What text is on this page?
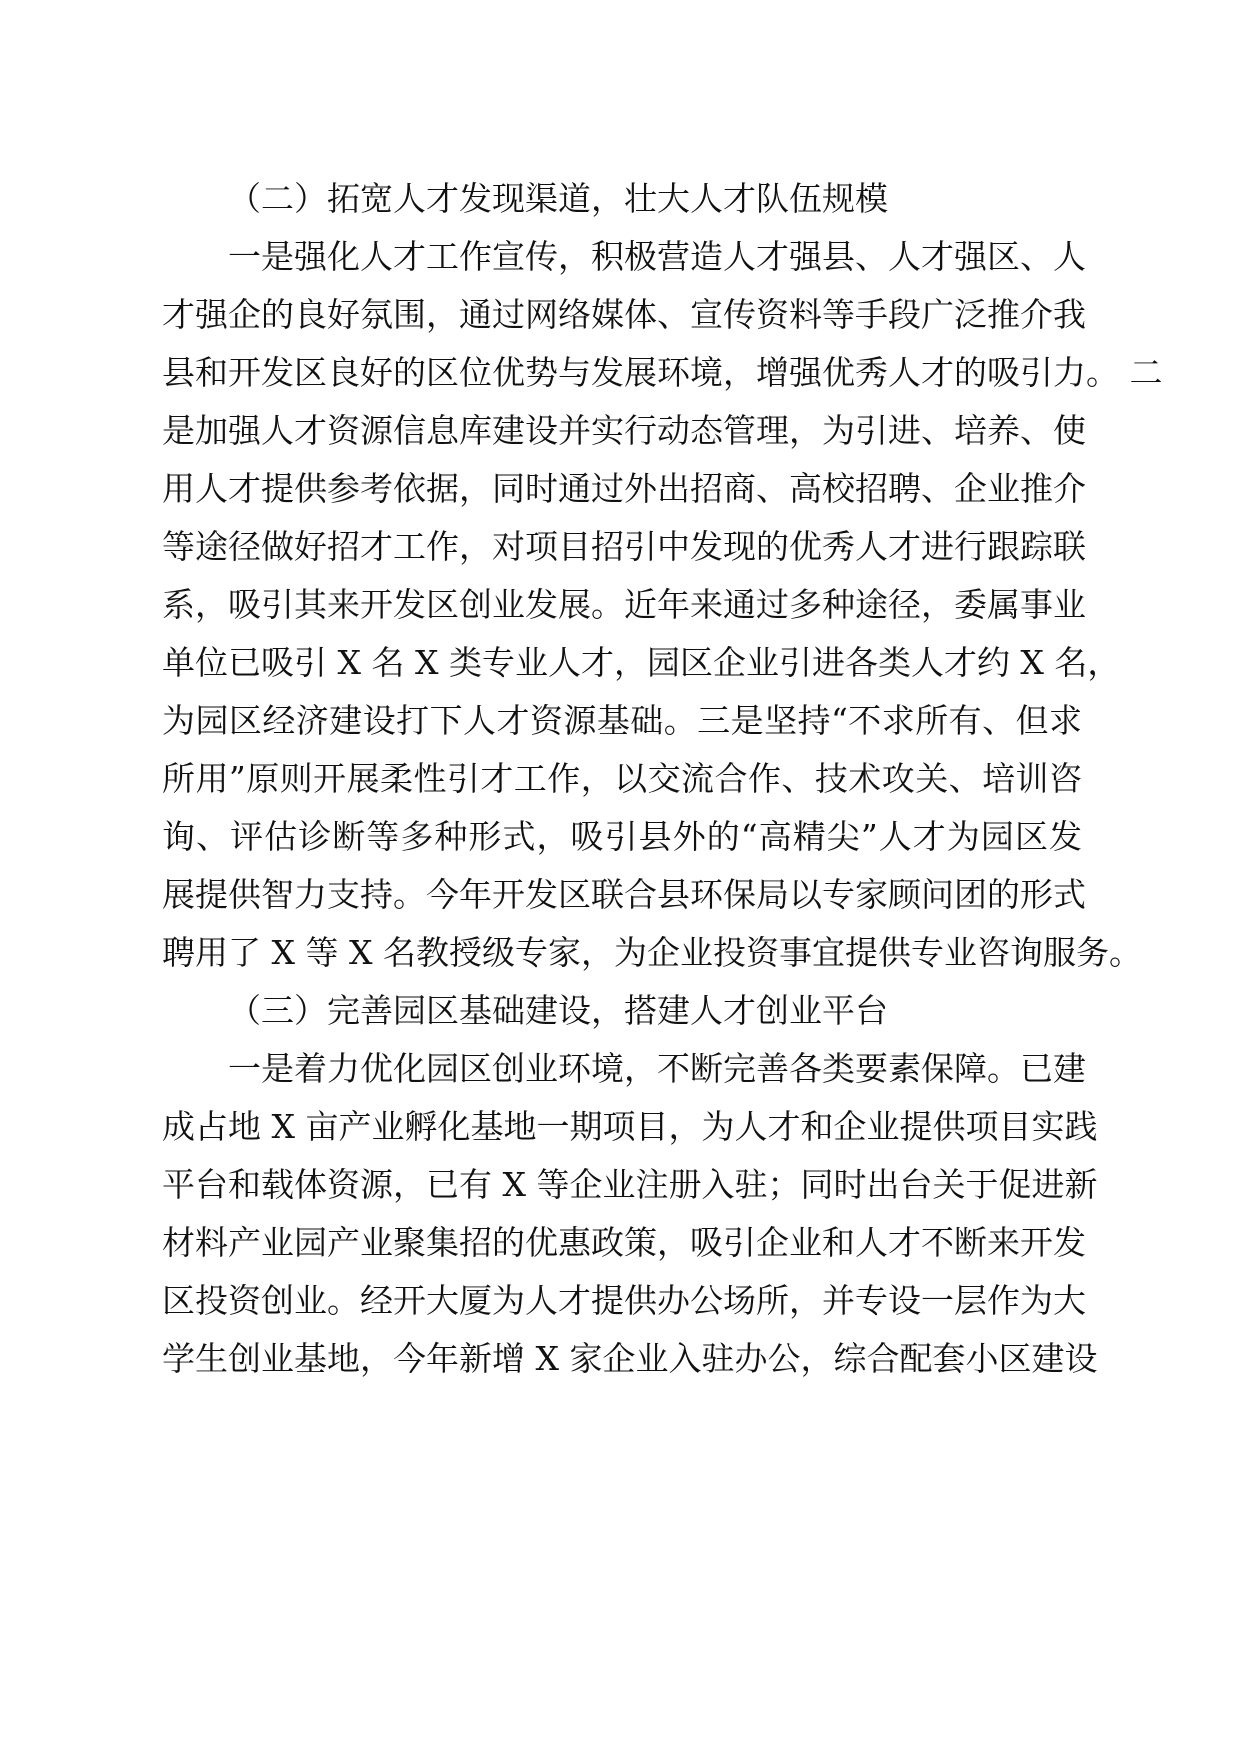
（二）拓宽人才发现渠道，壮大人才队伍规模
一是强化人才工作宣传，积极营造人才强县、人才强区、人
才强企的良好氛围，通过网络媒体、宣传资料等手段广泛推介我
县和开发区良好的区位优势与发展环境，增强优秀人才的吸引力。 二
是加强人才资源信息库建设并实行动态管理，为引进、培养、使
用人才提供参考依据，同时通过外出招商、高校招聘、企业推介
等途径做好招才工作，对项目招引中发现的优秀人才进行跟踪联
系，吸引其来开发区创业发展。近年来通过多种途径，委属事业
单位已吸引 X 名 X 类专业人才，园区企业引进各类人才约 X 名，
为园区经济建设打下人才资源基础。三是坚持“不求所有、但求
所用”原则开展柔性引才工作，以交流合作、技术攻关、培训咨
询、评估诊断等多种形式，吸引县外的“高精尖”人才为园区发
展提供智力支持。今年开发区联合县环保局以专家顾问团的形式
聘用了 X 等 X 名教授级专家，为企业投资事宜提供专业咨询服务。
（三）完善园区基础建设，搭建人才创业平台
一是着力优化园区创业环境，不断完善各类要素保障。已建
成占地 X 亩产业孵化基地一期项目，为人才和企业提供项目实践
平台和载体资源，已有 X 等企业注册入驻；同时出台关于促进新
材料产业园产业聚集招的优惠政策，吸引企业和人才不断来开发
区投资创业。经开大厦为人才提供办公场所，并专设一层作为大
学生创业基地，今年新增 X 家企业入驻办公，综合配套小区建设
